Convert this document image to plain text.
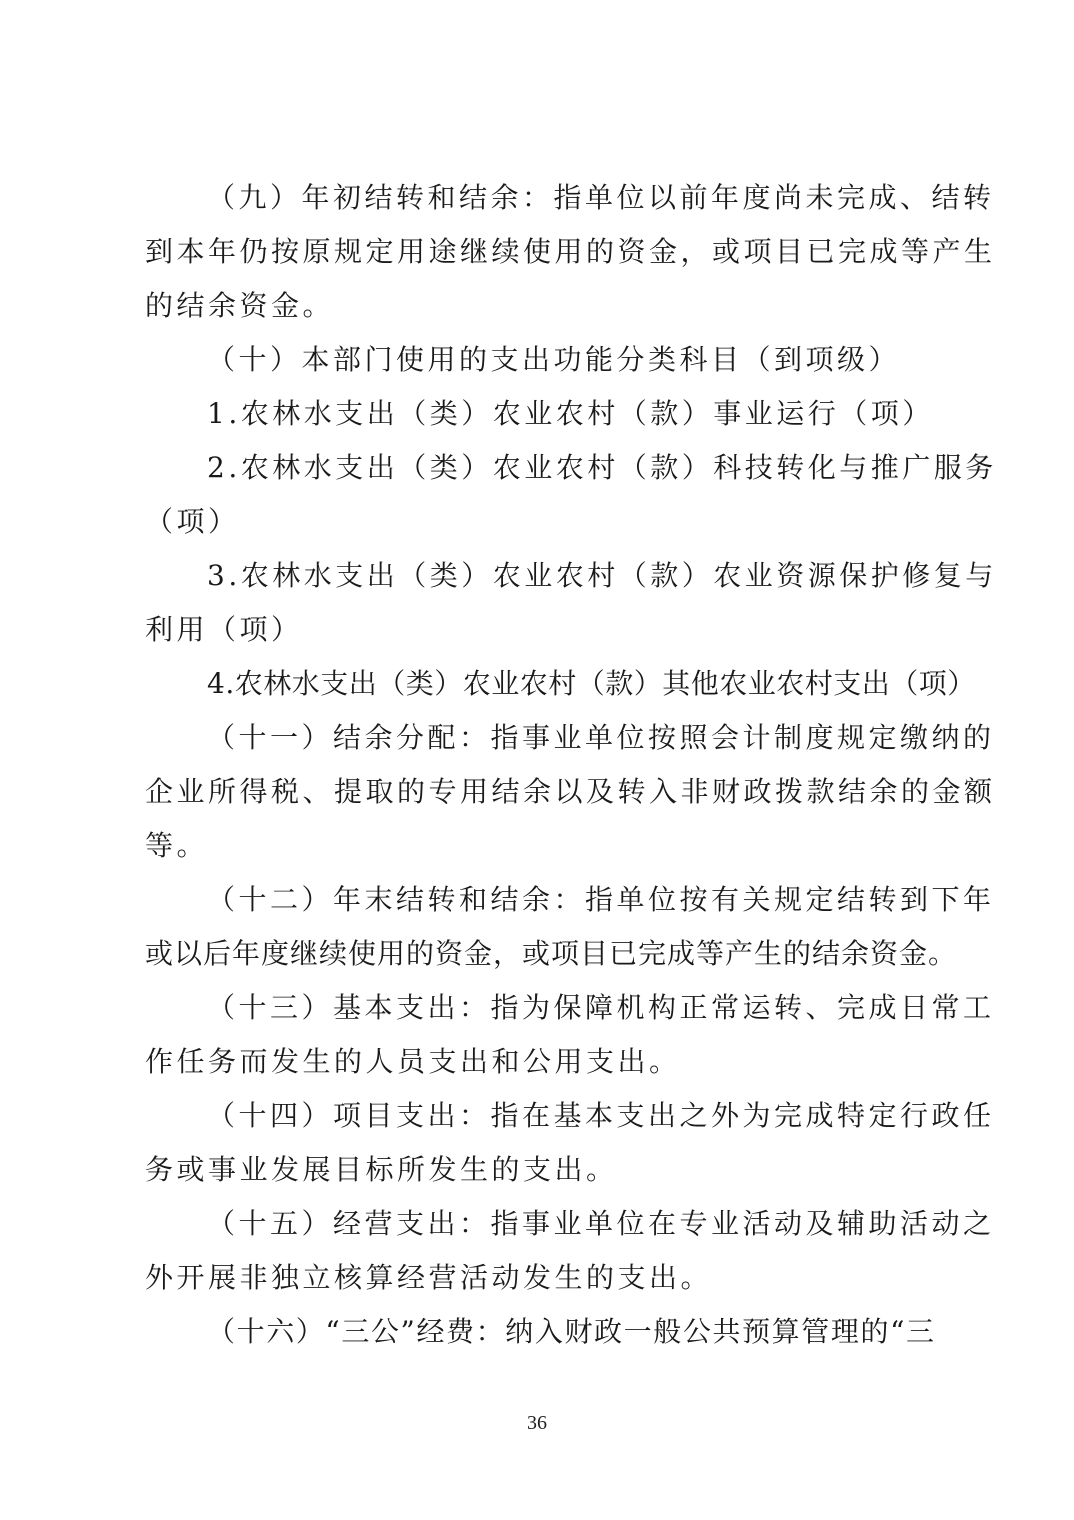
（九）年初结转和结余：指单位以前年度尚未完成、结转
到本年仍按原规定用途继续使用的资金，或项目已完成等产生
的结余资金。
（十）本部门使用的支出功能分类科目（到项级）
1.农林水支出（类）农业农村（款）事业运行（项）
2.农林水支出（类）农业农村（款）科技转化与推广服务
（项）
3.农林水支出（类）农业农村（款）农业资源保护修复与
利用（项）
4.农林水支出（类）农业农村（款）其他农业农村支出（项）
（十一）结余分配：指事业单位按照会计制度规定缴纳的
企业所得税、提取的专用结余以及转入非财政拨款结余的金额
等。
（十二）年末结转和结余：指单位按有关规定结转到下年
或以后年度继续使用的资金，或项目已完成等产生的结余资金。
（十三）基本支出：指为保障机构正常运转、完成日常工
作任务而发生的人员支出和公用支出。
（十四）项目支出：指在基本支出之外为完成特定行政任
务或事业发展目标所发生的支出。
（十五）经营支出：指事业单位在专业活动及辅助活动之
外开展非独立核算经营活动发生的支出。
（十六）“三公”经费：纳入财政一般公共预算管理的“三
36
